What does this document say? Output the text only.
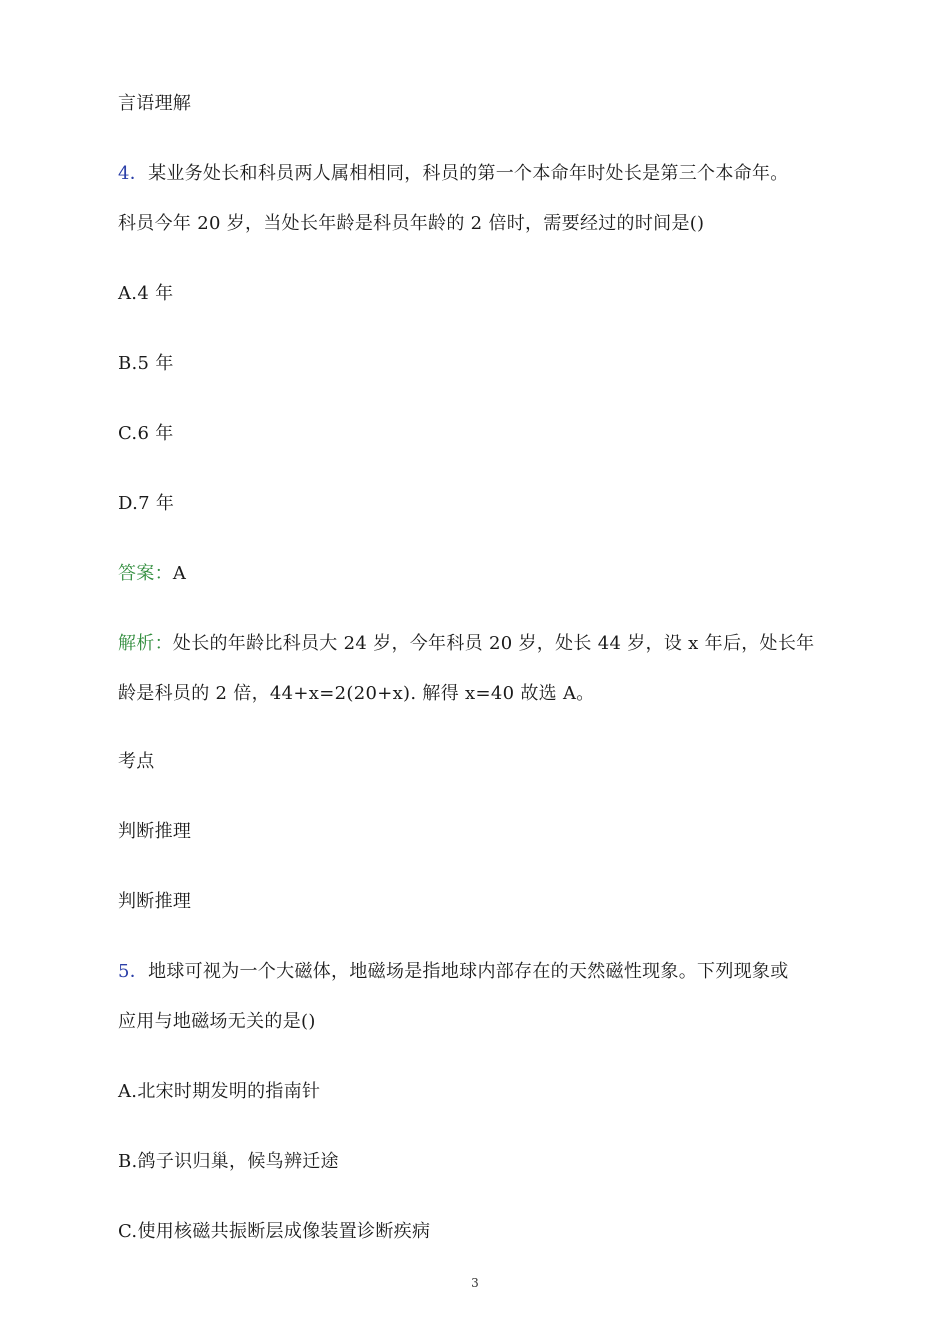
言语理解
4．某业务处长和科员两人属相相同，科员的第一个本命年时处长是第三个本命年。
科员今年 20 岁，当处长年龄是科员年龄的 2 倍时，需要经过的时间是()
A.4 年
B.5 年
C.6 年
D.7 年
答案：A
解析：处长的年龄比科员大 24 岁，今年科员 20 岁，处长 44 岁，设 x 年后，处长年
龄是科员的 2 倍，44+x=2(20+x). 解得 x=40 故选 A。
考点
判断推理
判断推理
5．地球可视为一个大磁体，地磁场是指地球内部存在的天然磁性现象。下列现象或
应用与地磁场无关的是()
A.北宋时期发明的指南针
B.鸽子识归巢，候鸟辨迁途
C.使用核磁共振断层成像装置诊断疾病
3
